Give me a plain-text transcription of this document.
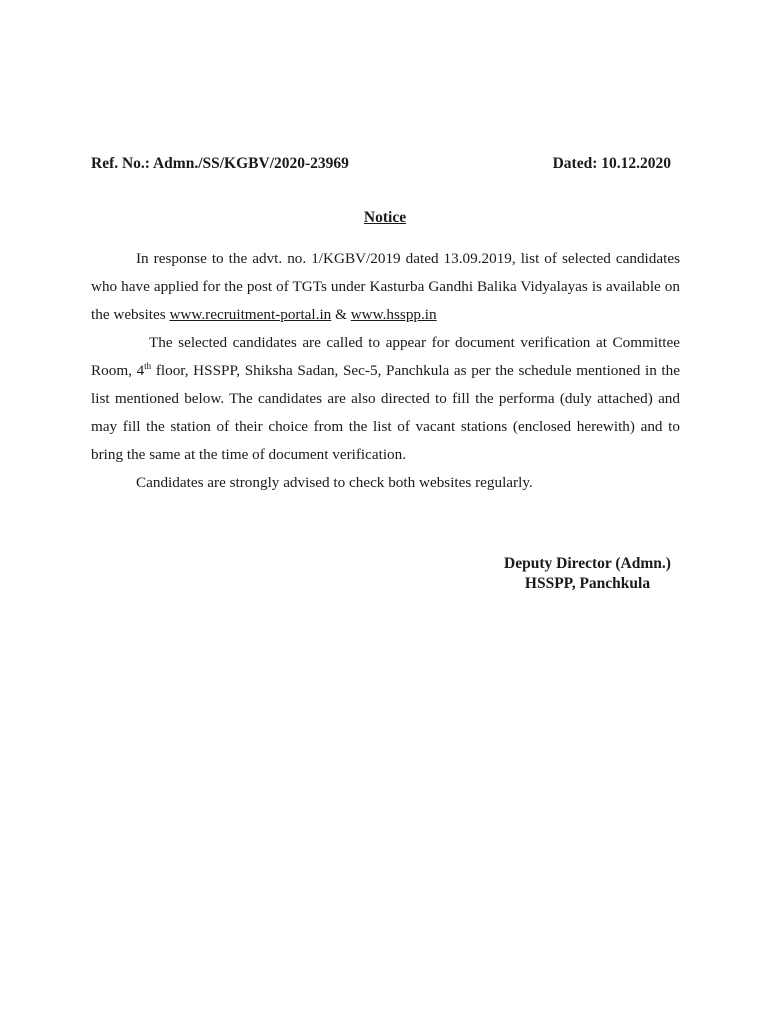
Ref. No.: Admn./SS/KGBV/2020-23969	Dated: 10.12.2020
Notice

In response to the advt. no. 1/KGBV/2019 dated 13.09.2019, list of selected candidates who have applied for the post of TGTs under Kasturba Gandhi Balika Vidyalayas is available on the websites www.recruitment-portal.in & www.hsspp.in

The selected candidates are called to appear for document verification at Committee Room, 4th floor, HSSPP, Shiksha Sadan, Sec-5, Panchkula as per the schedule mentioned in the list mentioned below. The candidates are also directed to fill the performa (duly attached) and may fill the station of their choice from the list of vacant stations (enclosed herewith) and to bring the same at the time of document verification.

Candidates are strongly advised to check both websites regularly.

Deputy Director (Admn.)
HSSPP, Panchkula
